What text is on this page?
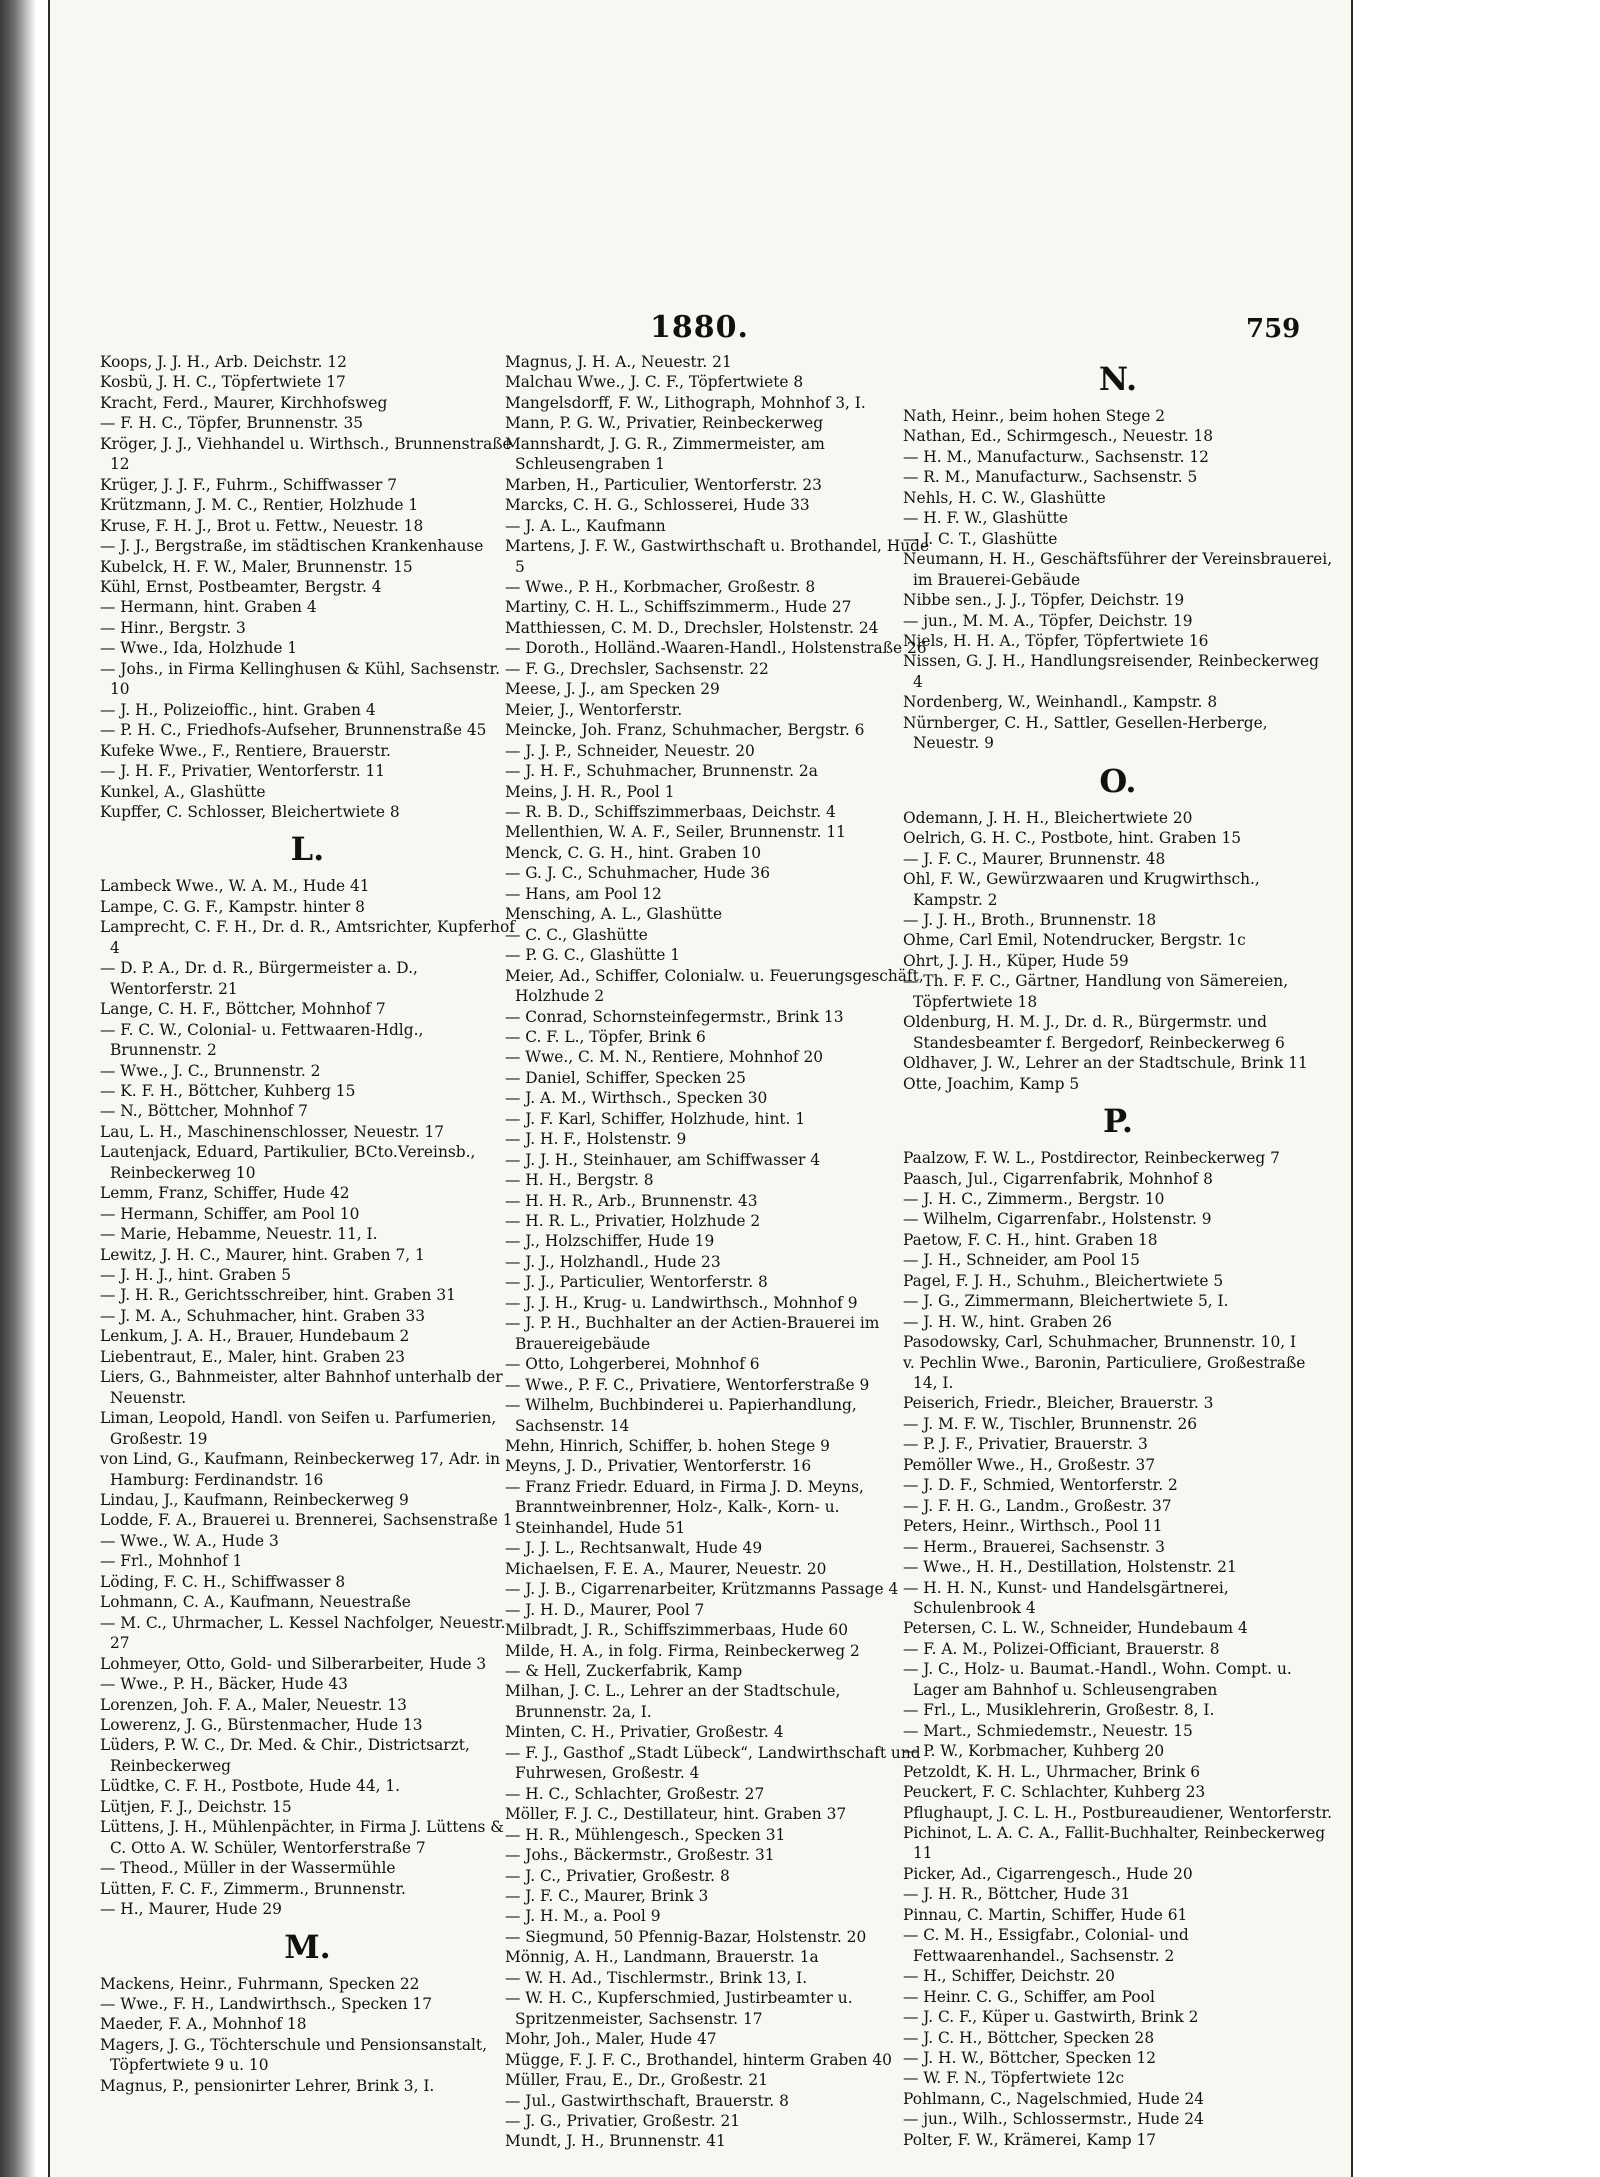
1880.	759
Koops, J. J. H., Arb. Deichstr. 12
Kosbü, J. H. C., Töpfertwiete 17
Kracht, Ferd., Maurer, Kirchhofsweg
— F. H. C., Töpfer, Brunnenstr. 35
Kröger, J. J., Viehhandel u. Wirthsch., Brunnenstraße 12
Krüger, J. J. F., Fuhrm., Schiffwasser 7
Krützmann, J. M. C., Rentier, Holzhude 1
Kruse, F. H. J., Brot u. Fettw., Neuestr. 18
— J. J., Bergstraße, im städtischen Krankenhause
Kubelck, H. F. W., Maler, Brunnenstr. 15
Kühl, Ernst, Postbeamter, Bergstr. 4
— Hermann, hint. Graben 4
— Hinr., Bergstr. 3
— Wwe., Ida, Holzhude 1
— Johs., in Firma Kellinghusen & Kühl, Sachsenstr. 10
— J. H., Polizeioffic., hint. Graben 4
— P. H. C., Friedhofs-Aufseher, Brunnenstraße 45
Kufeke Wwe., F., Rentiere, Brauerstr.
— J. H. F., Privatier, Wentorferstr. 11
Kunkel, A., Glashütte
Kupffer, C. Schlosser, Bleichertwiete 8
L.
Lambeck Wwe., W. A. M., Hude 41
Lampe, C. G. F., Kampstr. hinter 8
Lamprecht, C. F. H., Dr. d. R., Amtsrichter, Kupferhof 4
— D. P. A., Dr. d. R., Bürgermeister a. D., Wentorferstr. 21
Lange, C. H. F., Böttcher, Mohnhof 7
— F. C. W., Colonial- u. Fettwaaren-Hdlg., Brunnenstr. 2
— Wwe., J. C., Brunnenstr. 2
— K. F. H., Böttcher, Kuhberg 15
— N., Böttcher, Mohnhof 7
Lau, L. H., Maschinenschlosser, Neuestr. 17
Lautenjack, Eduard, Partikulier, BCto.Vereinsb., Reinbeckerweg 10
Lemm, Franz, Schiffer, Hude 42
— Hermann, Schiffer, am Pool 10
— Marie, Hebamme, Neuestr. 11, I.
Lewitz, J. H. C., Maurer, hint. Graben 7, 1
— J. H. J., hint. Graben 5
— J. H. R., Gerichtsschreiber, hint. Graben 31
— J. M. A., Schuhmacher, hint. Graben 33
Lenkum, J. A. H., Brauer, Hundebaum 2
Liebentraut, E., Maler, hint. Graben 23
Liers, G., Bahnmeister, alter Bahnhof unterhalb der Neuenstr.
Liman, Leopold, Handl. von Seifen u. Parfumerien, Großestr. 19
von Lind, G., Kaufmann, Reinbeckerweg 17, Adr. in Hamburg: Ferdinandstr. 16
Lindau, J., Kaufmann, Reinbeckerweg 9
Lodde, F. A., Brauerei u. Brennerei, Sachsenstraße 1
— Wwe., W. A., Hude 3
— Frl., Mohnhof 1
Löding, F. C. H., Schiffwasser 8
Lohmann, C. A., Kaufmann, Neuestraße
— M. C., Uhrmacher, L. Kessel Nachfolger, Neuestr. 27
Lohmeyer, Otto, Gold- und Silberarbeiter, Hude 3
— Wwe., P. H., Bäcker, Hude 43
Lorenzen, Joh. F. A., Maler, Neuestr. 13
Lowerenz, J. G., Bürstenmacher, Hude 13
Lüders, P. W. C., Dr. Med. & Chir., Districtsarzt, Reinbeckerweg
Lüdtke, C. F. H., Postbote, Hude 44, 1.
Lütjen, F. J., Deichstr. 15
Lüttens, J. H., Mühlenpächter, in Firma J. Lüttens & C. Otto A. W. Schüler, Wentorferstraße 7
— Theod., Müller in der Wassermühle
Lütten, F. C. F., Zimmerm., Brunnenstr.
— H., Maurer, Hude 29
M.
Mackens, Heinr., Fuhrmann, Specken 22
— Wwe., F. H., Landwirthsch., Specken 17
Maeder, F. A., Mohnhof 18
Magers, J. G., Töchterschule und Pensionsanstalt, Töpfertwiete 9 u. 10
Magnus, P., pensionirter Lehrer, Brink 3, I.
Magnus, J. H. A., Neuestr. 21
Malchau Wwe., J. C. F., Töpfertwiete 8
Mangelsdorff, F. W., Lithograph, Mohnhof 3, I.
Mann, P. G. W., Privatier, Reinbeckerweg
Mannshardt, J. G. R., Zimmermeister, am Schleusengraben 1
Marben, H., Particulier, Wentorferstr. 23
Marcks, C. H. G., Schlosserei, Hude 33
— J. A. L., Kaufmann
Martens, J. F. W., Gastwirthschaft u. Brothandel, Hude 5
— Wwe., P. H., Korbmacher, Großestr. 8
Martiny, C. H. L., Schiffszimmerm., Hude 27
Matthiessen, C. M. D., Drechsler, Holstenstr. 24
— Doroth., Holländ.-Waaren-Handl., Holstenstraße 26
— F. G., Drechsler, Sachsenstr. 22
Meese, J. J., am Specken 29
Meier, J., Wentorferstr.
Meincke, Joh. Franz, Schuhmacher, Bergstr. 6
— J. J. P., Schneider, Neuestr. 20
— J. H. F., Schuhmacher, Brunnenstr. 2a
Meins, J. H. R., Pool 1
— R. B. D., Schiffszimmerbaas, Deichstr. 4
Mellenthien, W. A. F., Seiler, Brunnenstr. 11
Menck, C. G. H., hint. Graben 10
— G. J. C., Schuhmacher, Hude 36
— Hans, am Pool 12
Mensching, A. L., Glashütte
— C. C., Glashütte
— P. G. C., Glashütte 1
Meier, Ad., Schiffer, Colonialw. u. Feuerungsgeschäft, Holzhude 2
— Conrad, Schornsteinfegermstr., Brink 13
— C. F. L., Töpfer, Brink 6
— Wwe., C. M. N., Rentiere, Mohnhof 20
— Daniel, Schiffer, Specken 25
— J. A. M., Wirthsch., Specken 30
— J. F. Karl, Schiffer, Holzhude, hint. 1
— J. H. F., Holstenstr. 9
— J. J. H., Steinhauer, am Schiffwasser 4
— H. H., Bergstr. 8
— H. H. R., Arb., Brunnenstr. 43
— H. R. L., Privatier, Holzhude 2
— J., Holzschiffer, Hude 19
— J. J., Holzhandl., Hude 23
— J. J., Particulier, Wentorferstr. 8
— J. J. H., Krug- u. Landwirthsch., Mohnhof 9
— J. P. H., Buchhalter an der Actien-Brauerei im Brauereigebäude
— Otto, Lohgerberei, Mohnhof 6
— Wwe., P. F. C., Privatiere, Wentorferstraße 9
— Wilhelm, Buchbinderei u. Papierhandlung, Sachsenstr. 14
Mehn, Hinrich, Schiffer, b. hohen Stege 9
Meyns, J. D., Privatier, Wentorferstr. 16
— Franz Friedr. Eduard, in Firma J. D. Meyns, Branntweinbrenner, Holz-, Kalk-, Korn- u. Steinhandel, Hude 51
— J. J. L., Rechtsanwalt, Hude 49
Michaelsen, F. E. A., Maurer, Neuestr. 20
— J. J. B., Cigarrenarbeiter, Krützmanns Passage 4
— J. H. D., Maurer, Pool 7
Milbradt, J. R., Schiffszimmerbaas, Hude 60
Milde, H. A., in folg. Firma, Reinbeckerweg 2
— & Hell, Zuckerfabrik, Kamp
Milhan, J. C. L., Lehrer an der Stadtschule, Brunnenstr. 2a, I.
Minten, C. H., Privatier, Großestr. 4
— F. J., Gasthof „Stadt Lübeck“, Landwirthschaft und Fuhrwesen, Großestr. 4
— H. C., Schlachter, Großestr. 27
Möller, F. J. C., Destillateur, hint. Graben 37
— H. R., Mühlengesch., Specken 31
— Johs., Bäckermstr., Großestr. 31
— J. C., Privatier, Großestr. 8
— J. F. C., Maurer, Brink 3
— J. H. M., a. Pool 9
— Siegmund, 50 Pfennig-Bazar, Holstenstr. 20
Mönnig, A. H., Landmann, Brauerstr. 1a
— W. H. Ad., Tischlermstr., Brink 13, I.
— W. H. C., Kupferschmied, Justirbeamter u. Spritzenmeister, Sachsenstr. 17
Mohr, Joh., Maler, Hude 47
Mügge, F. J. F. C., Brothandel, hinterm Graben 40
Müller, Frau, E., Dr., Großestr. 21
— Jul., Gastwirthschaft, Brauerstr. 8
— J. G., Privatier, Großestr. 21
Mundt, J. H., Brunnenstr. 41
N.
Nath, Heinr., beim hohen Stege 2
Nathan, Ed., Schirmgesch., Neuestr. 18
— H. M., Manufacturw., Sachsenstr. 12
— R. M., Manufacturw., Sachsenstr. 5
Nehls, H. C. W., Glashütte
— H. F. W., Glashütte
— J. C. T., Glashütte
Neumann, H. H., Geschäftsführer der Vereinsbrauerei, im Brauerei-Gebäude
Nibbe sen., J. J., Töpfer, Deichstr. 19
— jun., M. M. A., Töpfer, Deichstr. 19
Niels, H. H. A., Töpfer, Töpfertwiete 16
Nissen, G. J. H., Handlungsreisender, Reinbeckerweg 4
Nordenberg, W., Weinhandl., Kampstr. 8
Nürnberger, C. H., Sattler, Gesellen-Herberge, Neuestr. 9
O.
Odemann, J. H. H., Bleichertwiete 20
Oelrich, G. H. C., Postbote, hint. Graben 15
— J. F. C., Maurer, Brunnenstr. 48
Ohl, F. W., Gewürzwaaren und Krugwirthsch., Kampstr. 2
— J. J. H., Broth., Brunnenstr. 18
Ohme, Carl Emil, Notendrucker, Bergstr. 1c
Ohrt, J. J. H., Küper, Hude 59
— Th. F. F. C., Gärtner, Handlung von Sämereien, Töpfertwiete 18
Oldenburg, H. M. J., Dr. d. R., Bürgermstr. und Standesbeamter f. Bergedorf, Reinbeckerweg 6
Oldhaver, J. W., Lehrer an der Stadtschule, Brink 11
Otte, Joachim, Kamp 5
P.
Paalzow, F. W. L., Postdirector, Reinbeckerweg 7
Paasch, Jul., Cigarrenfabrik, Mohnhof 8
— J. H. C., Zimmerm., Bergstr. 10
— Wilhelm, Cigarrenfabr., Holstenstr. 9
Paetow, F. C. H., hint. Graben 18
— J. H., Schneider, am Pool 15
Pagel, F. J. H., Schuhm., Bleichertwiete 5
— J. G., Zimmermann, Bleichertwiete 5, I.
— J. H. W., hint. Graben 26
Pasodowsky, Carl, Schuhmacher, Brunnenstr. 10, I
v. Pechlin Wwe., Baronin, Particuliere, Großestraße 14, I.
Peiserich, Friedr., Bleicher, Brauerstr. 3
— J. M. F. W., Tischler, Brunnenstr. 26
— P. J. F., Privatier, Brauerstr. 3
Pemöller Wwe., H., Großestr. 37
— J. D. F., Schmied, Wentorferstr. 2
— J. F. H. G., Landm., Großestr. 37
Peters, Heinr., Wirthsch., Pool 11
— Herm., Brauerei, Sachsenstr. 3
— Wwe., H. H., Destillation, Holstenstr. 21
— H. H. N., Kunst- und Handelsgärtnerei, Schulenbrook 4
Petersen, C. L. W., Schneider, Hundebaum 4
— F. A. M., Polizei-Officiant, Brauerstr. 8
— J. C., Holz- u. Baumat.-Handl., Wohn. Compt. u. Lager am Bahnhof u. Schleusengraben
— Frl., L., Musiklehrerin, Großestr. 8, I.
— Mart., Schmiedemstr., Neuestr. 15
— P. W., Korbmacher, Kuhberg 20
Petzoldt, K. H. L., Uhrmacher, Brink 6
Peuckert, F. C. Schlachter, Kuhberg 23
Pflughaupt, J. C. L. H., Postbureaudiener, Wentorferstr.
Pichinot, L. A. C. A., Fallit-Buchhalter, Reinbeckerweg 11
Picker, Ad., Cigarrengesch., Hude 20
— J. H. R., Böttcher, Hude 31
Pinnau, C. Martin, Schiffer, Hude 61
— C. M. H., Essigfabr., Colonial- und Fettwaarenhandel., Sachsenstr. 2
— H., Schiffer, Deichstr. 20
— Heinr. C. G., Schiffer, am Pool
— J. C. F., Küper u. Gastwirth, Brink 2
— J. C. H., Böttcher, Specken 28
— J. H. W., Böttcher, Specken 12
— W. F. N., Töpfertwiete 12c
Pohlmann, C., Nagelschmied, Hude 24
— jun., Wilh., Schlossermstr., Hude 24
Polter, F. W., Krämerei, Kamp 17
